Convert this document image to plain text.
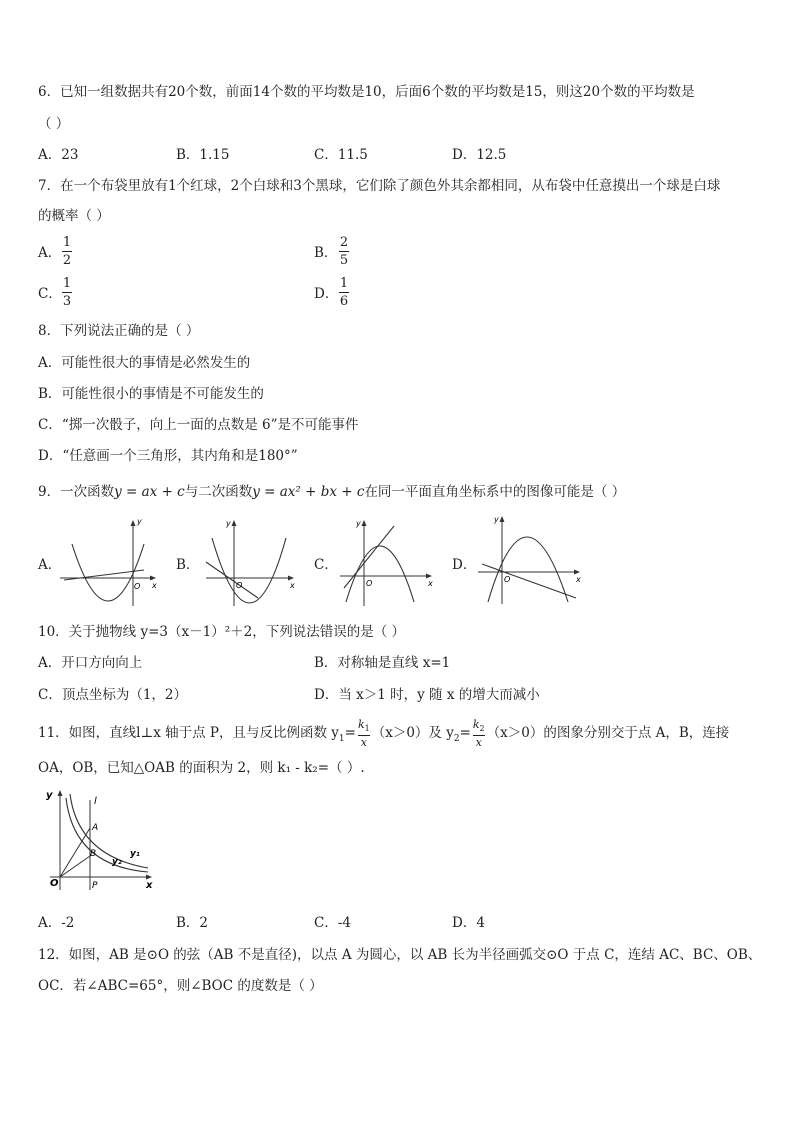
6．已知一组数据共有20个数，前面14个数的平均数是10，后面6个数的平均数是15，则这20个数的平均数是
（ ）
A．23	B．1.15	C．11.5	D．12.5
7．在一个布袋里放有1个红球，2个白球和3个黑球，它们除了颜色外其余都相同，从布袋中任意摸出一个球是白球
的概率（ ）
A．
1
2	B．
2
5
C．
1
3	D．
1
6
8．下列说法正确的是（ ）
A．可能性很大的事情是必然发生的
B．可能性很小的事情是不可能发生的
C．“掷一次骰子，向上一面的点数是 6”是不可能事件
D．“任意画一个三角形，其内角和是180°”
9．一次函数y = ax + c与二次函数y = ax² + bx + c在同一平面直角坐标系中的图像可能是（ ）
A．
y
x
O
B．
y
x
O
C．
y
x
O
D．
y
x
O
10．关于抛物线 y=3（x－1）²＋2，下列说法错误的是（ ）
A．开口方向向上	B．对称轴是直线 x=1
C．顶点坐标为（1，2）	D．当 x＞1 时，y 随 x 的增大而减小
11．如图，直线l⊥x 轴于点 P，且与反比例函数 $y_1= \frac{k_1}{x} (x>0)$及 $y_2= \frac{k_2}{x} (x>0)$的图象分别交于点 A，B，连接
OA，OB，已知△OAB 的面积为 2，则 k₁ - k₂=（ ）.
y
l
A
B	y₁
y₂
O	P	x
A．-2	B．2	C．-4	D．4
12．如图，AB 是⊙O 的弦（AB 不是直径)，以点 A 为圆心，以 AB 长为半径画弧交⊙O 于点 C，连结 AC、BC、OB、
OC．若∠ABC=65°，则∠BOC 的度数是（ ）
